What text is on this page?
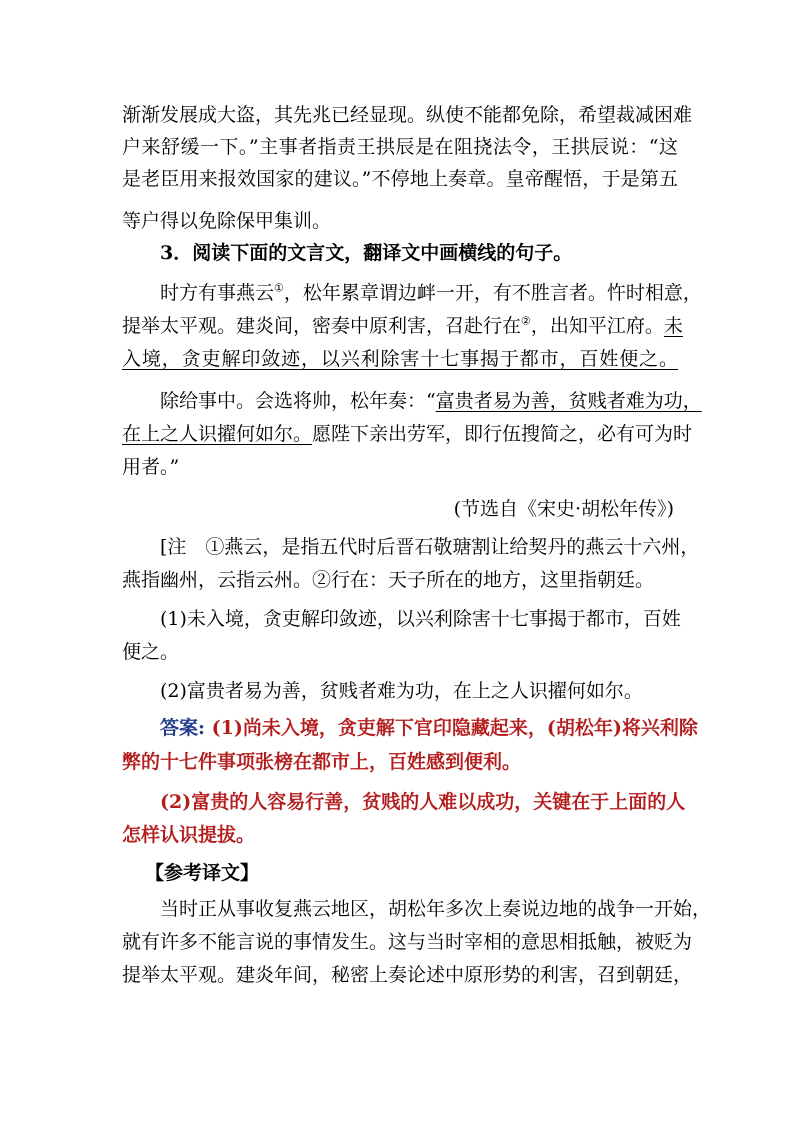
渐渐发展成大盗，其先兆已经显现。纵使不能都免除，希望裁减困难
户来舒缓一下。”主事者指责王拱辰是在阻挠法令，王拱辰说：“这
是老臣用来报效国家的建议。”不停地上奏章。皇帝醒悟，于是第五
等户得以免除保甲集训。
3．阅读下面的文言文，翻译文中画横线的句子。
时方有事燕云①，松年累章谓边衅一开，有不胜言者。忤时相意，
提举太平观。建炎间，密奏中原利害，召赴行在②，出知平江府。未
入境，贪吏解印敛迹，以兴利除害十七事揭于都市，百姓便之。
除给事中。会选将帅，松年奏：“富贵者易为善，贫贱者难为功，
在上之人识擢何如尔。愿陛下亲出劳军，即行伍搜简之，必有可为时
用者。”
(节选自《宋史·胡松年传》)
[注　①燕云，是指五代时后晋石敬瑭割让给契丹的燕云十六州，
燕指幽州，云指云州。②行在：天子所在的地方，这里指朝廷。
(1)未入境，贪吏解印敛迹，以兴利除害十七事揭于都市，百姓
便之。
(2)富贵者易为善，贫贱者难为功，在上之人识擢何如尔。
答案: (1)尚未入境，贪吏解下官印隐藏起来，(胡松年)将兴利除
弊的十七件事项张榜在都市上，百姓感到便利。
(2)富贵的人容易行善，贫贱的人难以成功，关键在于上面的人
怎样认识提拔。
【参考译文】
当时正从事收复燕云地区，胡松年多次上奏说边地的战争一开始，
就有许多不能言说的事情发生。这与当时宰相的意思相抵触，被贬为
提举太平观。建炎年间，秘密上奏论述中原形势的利害，召到朝廷，
